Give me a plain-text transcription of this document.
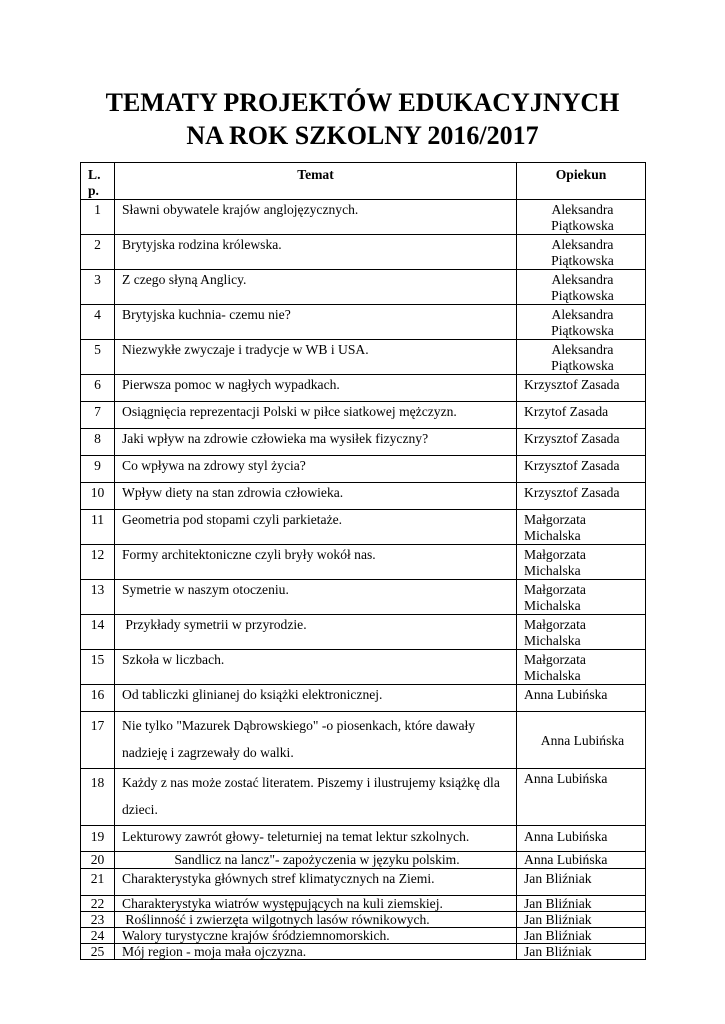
TEMATY PROJEKTÓW EDUKACYJNYCH
NA ROK SZKOLNY 2016/2017
L. p.	Temat	Opiekun
1	Sławni obywatele krajów anglojęzycznych.	Aleksandra Piątkowska
2	Brytyjska rodzina królewska.	Aleksandra Piątkowska
3	Z czego słyną Anglicy.	Aleksandra Piątkowska
4	Brytyjska kuchnia- czemu nie?	Aleksandra Piątkowska
5	Niezwykłe zwyczaje i tradycje w WB i USA.	Aleksandra Piątkowska
6	Pierwsza pomoc w nagłych wypadkach.	Krzysztof Zasada
7	Osiągnięcia reprezentacji Polski w piłce siatkowej mężczyzn.	Krzytof Zasada
8	Jaki wpływ na zdrowie człowieka ma wysiłek fizyczny?	Krzysztof Zasada
9	Co wpływa na zdrowy styl życia?	Krzysztof Zasada
10	Wpływ diety na stan zdrowia człowieka.	Krzysztof Zasada
11	Geometria pod stopami czyli parkietaże.	Małgorzata Michalska
12	Formy architektoniczne czyli bryły wokół nas.	Małgorzata Michalska
13	Symetrie w naszym otoczeniu.	Małgorzata Michalska
14	Przykłady symetrii w przyrodzie.	Małgorzata Michalska
15	Szkoła w liczbach.	Małgorzata Michalska
16	Od tabliczki glinianej do książki elektronicznej.	Anna Lubińska
17	Nie tylko "Mazurek Dąbrowskiego" -o piosenkach, które dawały nadzieję i zagrzewały do walki.	Anna Lubińska
18	Każdy z nas może zostać literatem. Piszemy i ilustrujemy książkę dla dzieci.	Anna Lubińska
19	Lekturowy zawrót głowy- teleturniej na temat lektur szkolnych.	Anna Lubińska
20	Sandlicz na lancz"- zapożyczenia w języku polskim.	Anna Lubińska
21	Charakterystyka głównych stref klimatycznych na Ziemi.	Jan Bliźniak
22	Charakterystyka wiatrów występujących na kuli ziemskiej.	Jan Bliźniak
23	Roślinność i zwierzęta wilgotnych lasów równikowych.	Jan Bliźniak
24	Walory turystyczne krajów śródziemnomorskich.	Jan Bliźniak
25	Mój region - moja mała ojczyzna.	Jan Bliźniak
